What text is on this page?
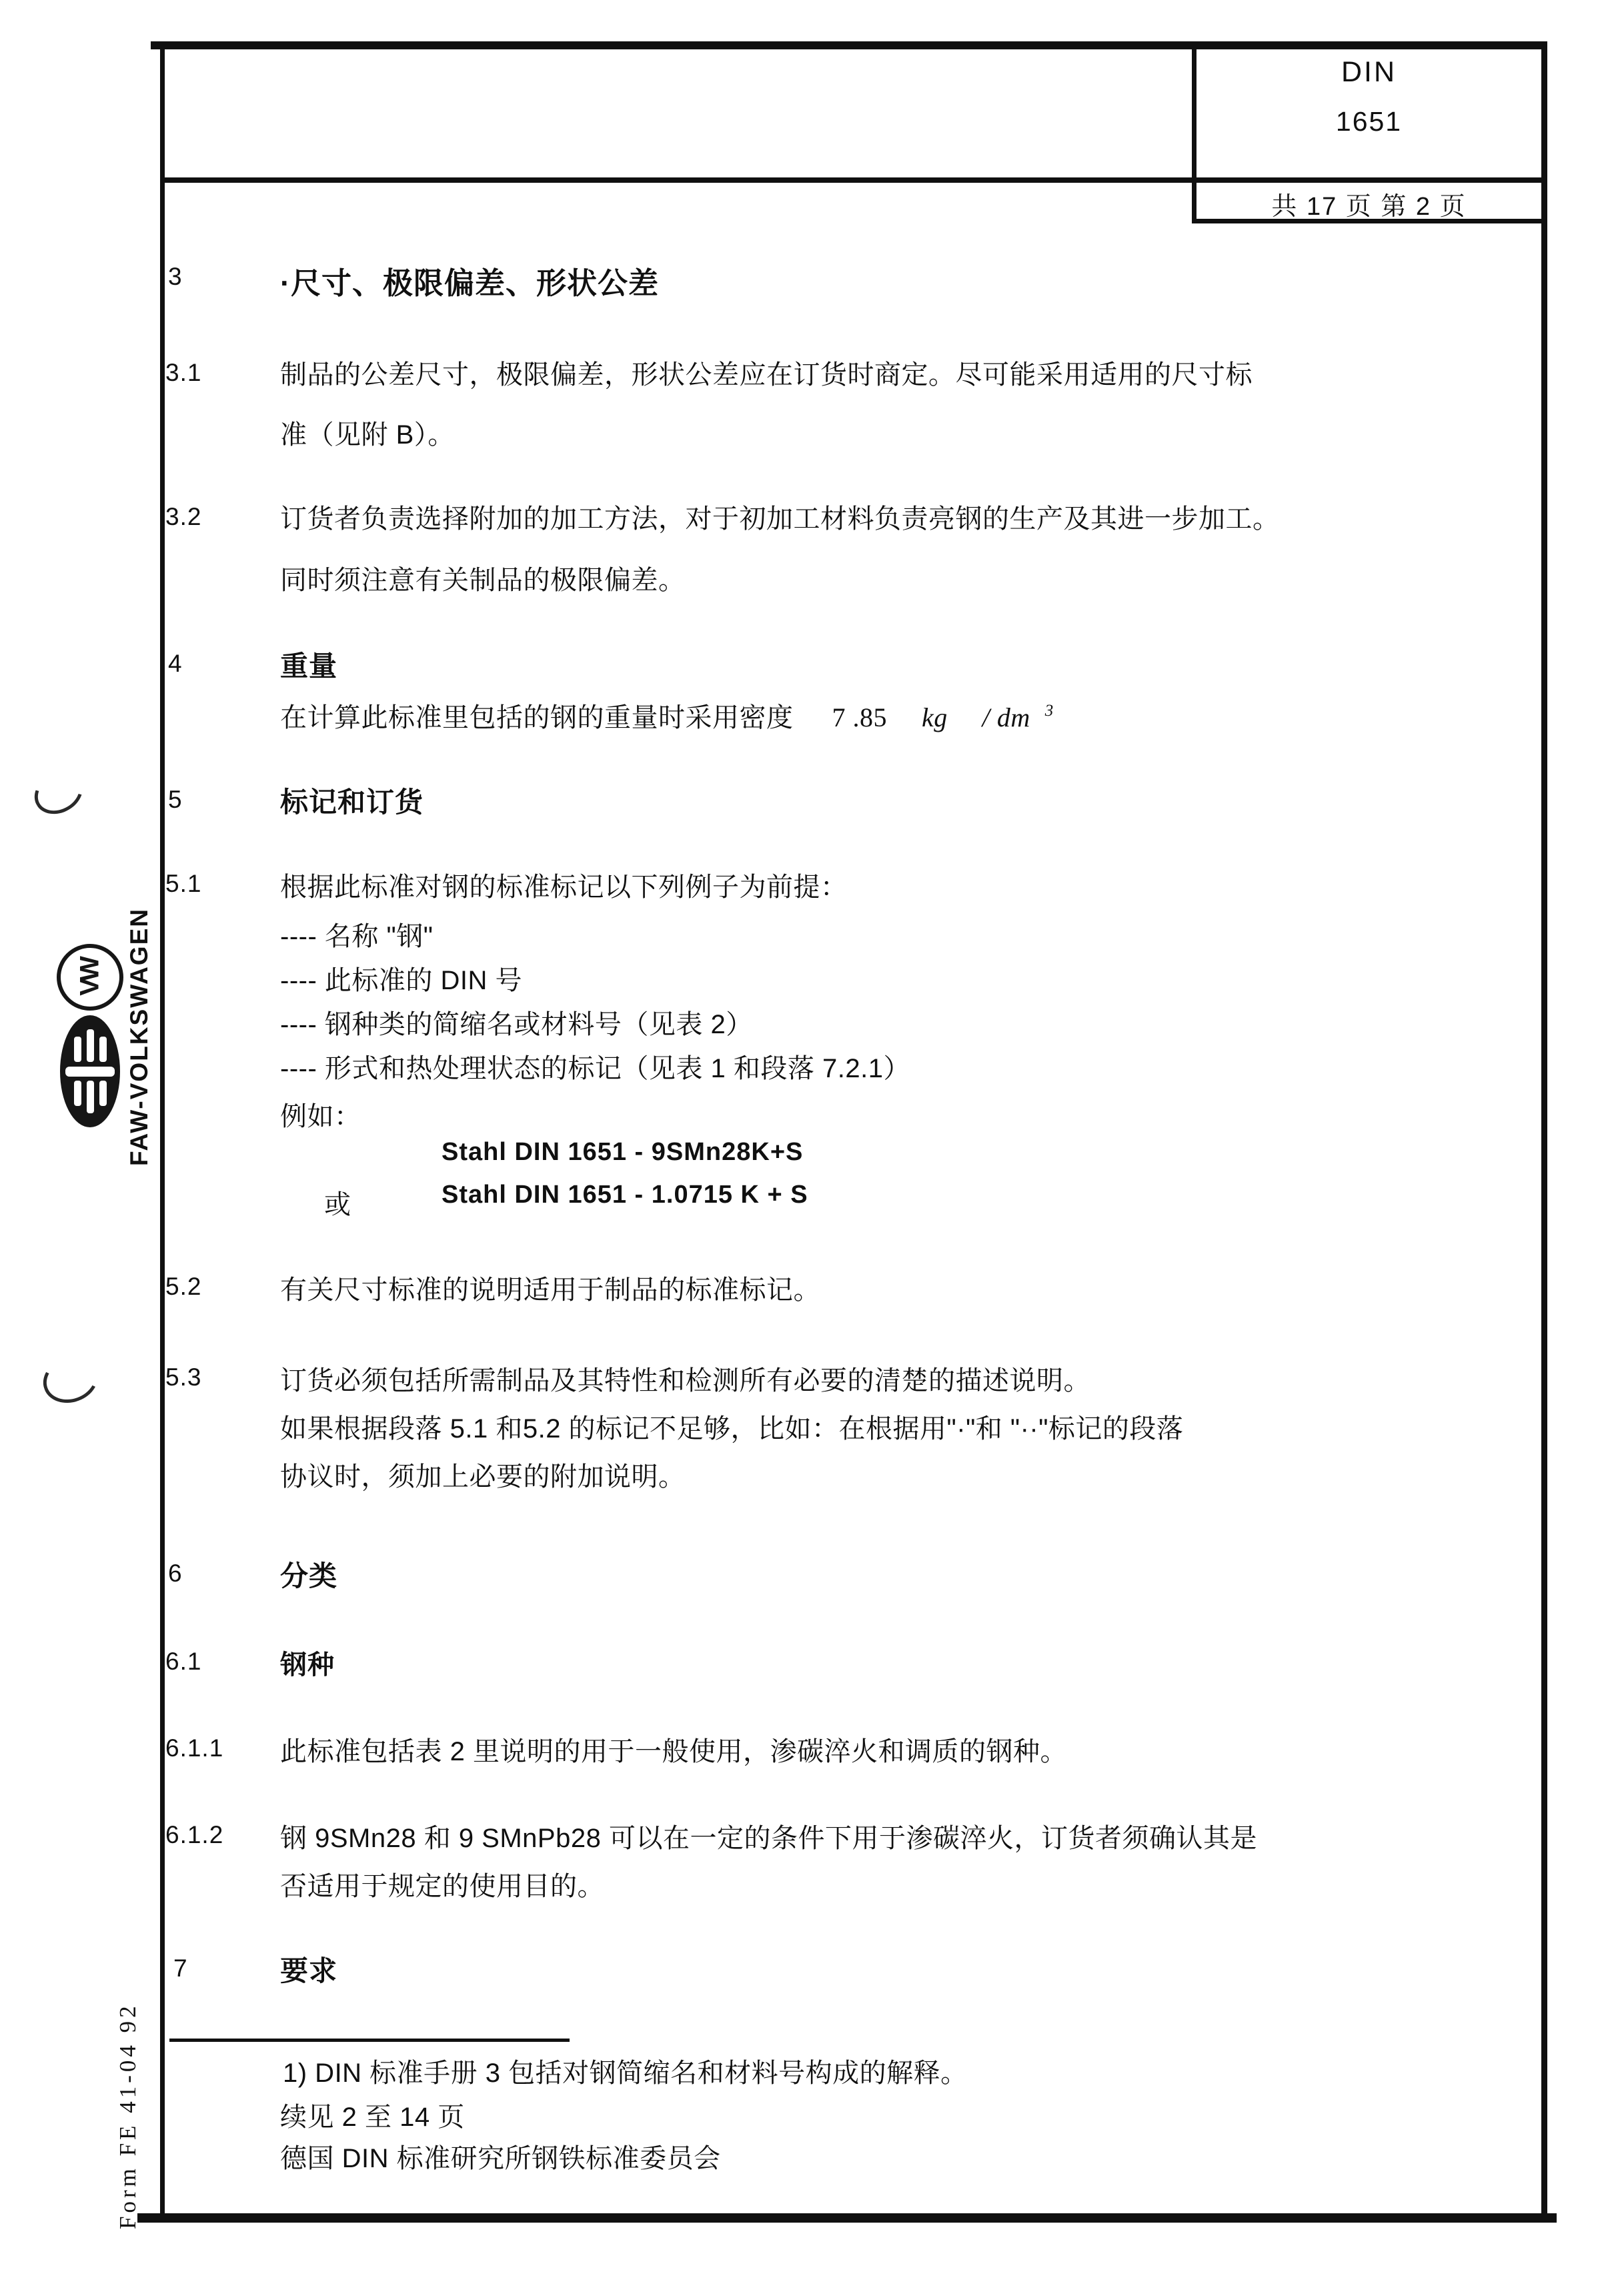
DIN
1651
共 17 页 第 2 页
VW FAW-VOLKSWAGEN
Form FE 41-04 92
3	·尺寸、极限偏差、形状公差
3.1	制品的公差尺寸，极限偏差，形状公差应在订货时商定。尽可能采用适用的尺寸标
准（见附 B）。
3.2	订货者负责选择附加的加工方法，对于初加工材料负责亮钢的生产及其进一步加工。
同时须注意有关制品的极限偏差。
4	重量
在计算此标准里包括的钢的重量时采用密度 7 .85 kg / dm $^3$
5	标记和订货
5.1	根据此标准对钢的标准标记以下列例子为前提：
---- 名称 "钢"
---- 此标准的 DIN 号
---- 钢种类的简缩名或材料号（见表 2）
---- 形式和热处理状态的标记（见表 1 和段落 7.2.1）
例如：
Stahl DIN 1651 - 9SMn28K+S
或	Stahl DIN 1651 - 1.0715 K + S
5.2	有关尺寸标准的说明适用于制品的标准标记。
5.3	订货必须包括所需制品及其特性和检测所有必要的清楚的描述说明。
如果根据段落 5.1 和5.2 的标记不足够，比如：在根据用"·"和 "··"标记的段落
协议时，须加上必要的附加说明。
6	分类
6.1	钢种
6.1.1 此标准包括表 2 里说明的用于一般使用，渗碳淬火和调质的钢种。
6.1.2 钢 9SMn28 和 9 SMnPb28 可以在一定的条件下用于渗碳淬火，订货者须确认其是
否适用于规定的使用目的。
7	要求
1) DIN 标准手册 3 包括对钢简缩名和材料号构成的解释。
续见 2 至 14 页
德国 DIN 标准研究所钢铁标准委员会
